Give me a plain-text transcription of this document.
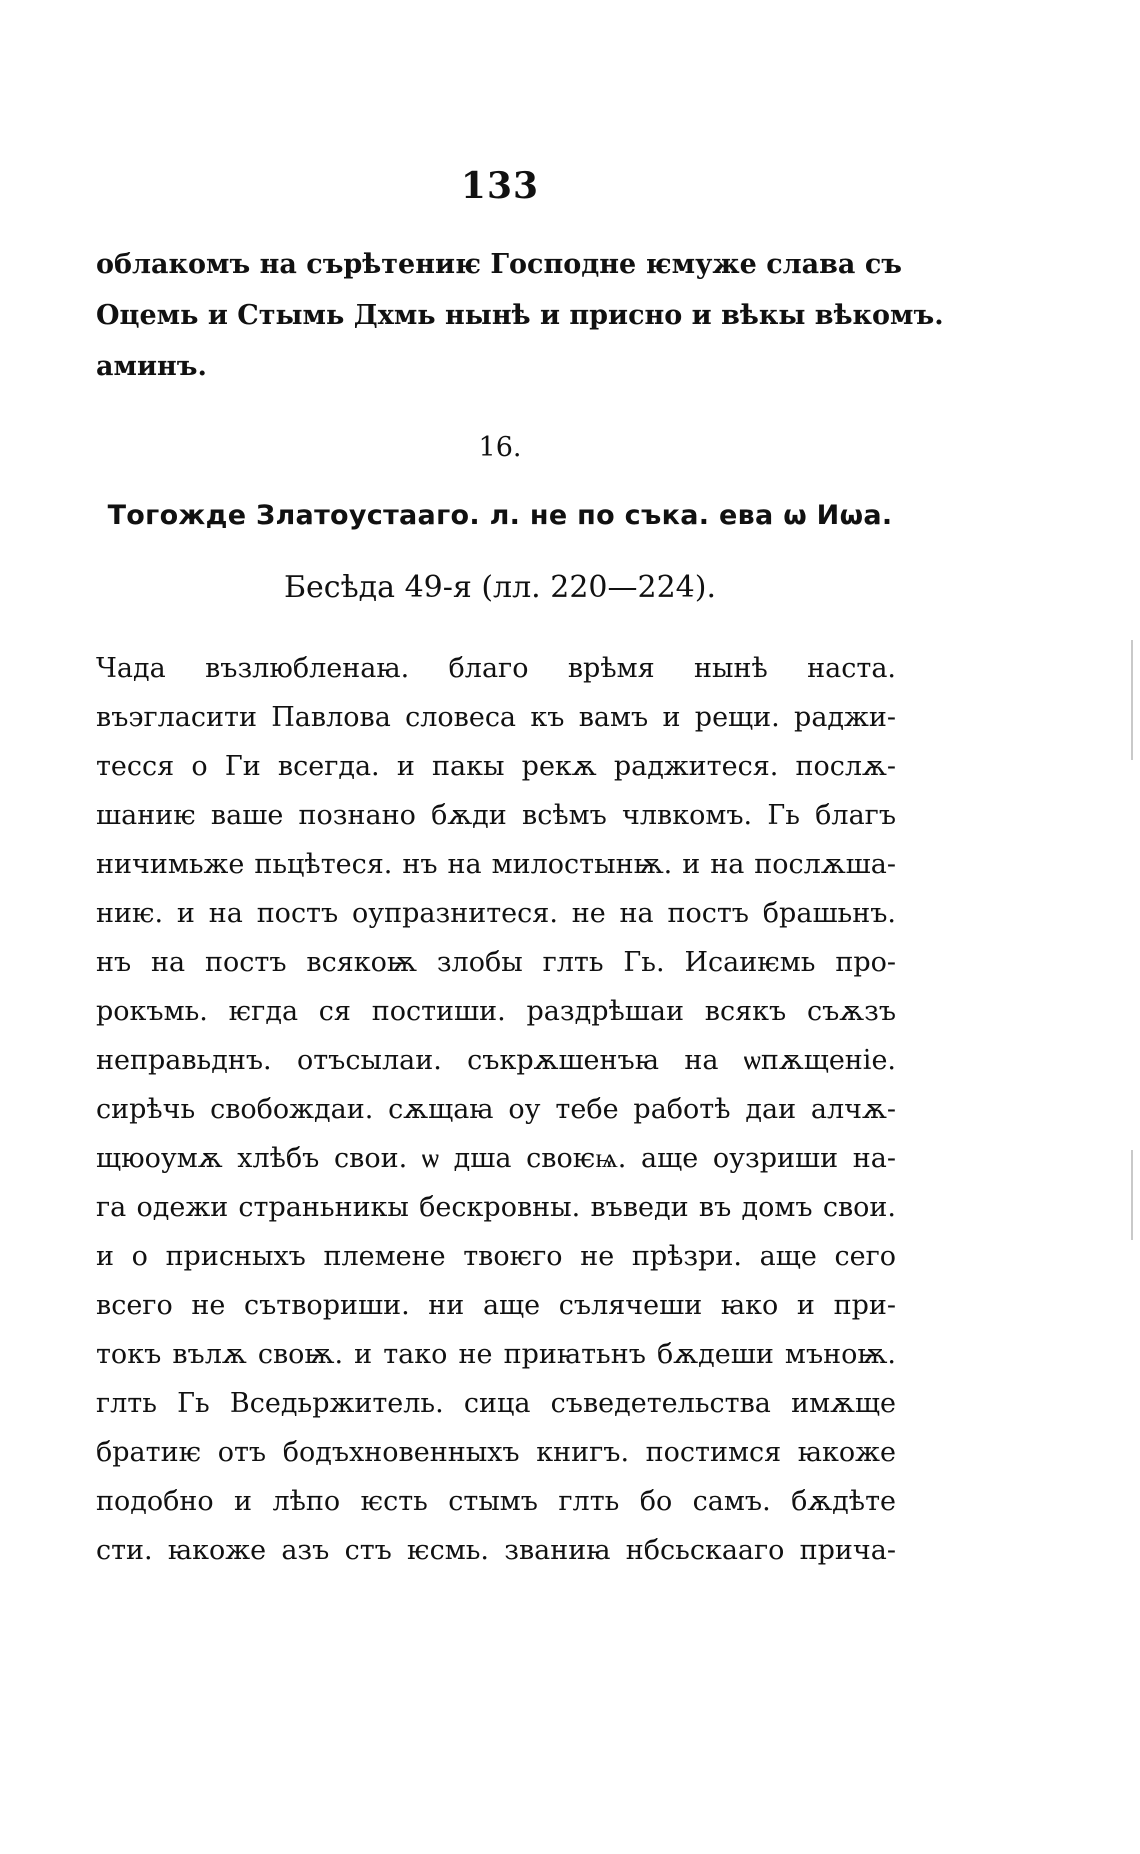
133
облакомъ на сърѣтениѥ Господне ѥмуже слава съ
Оцемь и Стымь Дхмь нынѣ и присно и вѣкы вѣкомъ.
аминъ.
16.
Тогожде Златоустааго. л. не по съка. ева ѡ Иѡа.
Бесѣда 49-я (лл. 220—224).
Чада възлюбленаꙗ. благо врѣмя нынѣ наста.
въэгласити Павлова словеса къ вамъ и рещи. раджи-
тесся о Ги всегда. и пакы рекѫ раджитеся. послѫ-
шаниѥ ваше познано бѫди всѣмъ члвкомъ. Гь благъ
ничимьже пьцѣтеся. нъ на милостынѭ. и на послѫша-
ниѥ. и на постъ оупразнитеся. не на постъ брашьнъ.
нъ на постъ всякоѭ злобы глть Гь. Исаиѥмь про-
рокъмь. ѥгда ся постиши. раздрѣшаи всякъ съѫзъ
неправьднъ. отъсылаи. съкрѫшенъꙗ на ѡпѫщеніе.
сирѣчь свобождаи. сѫщаꙗ оу тебе работѣ даи алчѫ-
щюоумѫ хлѣбъ свои. ѡ дша своѥѩ. аще оузриши на-
га одежи страньникы бескровны. въведи въ домъ свои.
и о присныхъ племене твоѥго не прѣзри. аще сего
всего не сътвориши. ни аще сълячеши ꙗко и при-
токъ вълѫ своѭ. и тако не приꙗтьнъ бѫдеши мъноѭ.
глть Гь Вседьржитель. сица съведетельства имѫще
братиѥ отъ бодъхновенныхъ книгъ. постимся ꙗкоже
подобно и лѣпо ѥсть стымъ глть бо самъ. бѫдѣте
сти. ꙗкоже азъ стъ ѥсмь. званиꙗ нбсьскааго прича-
